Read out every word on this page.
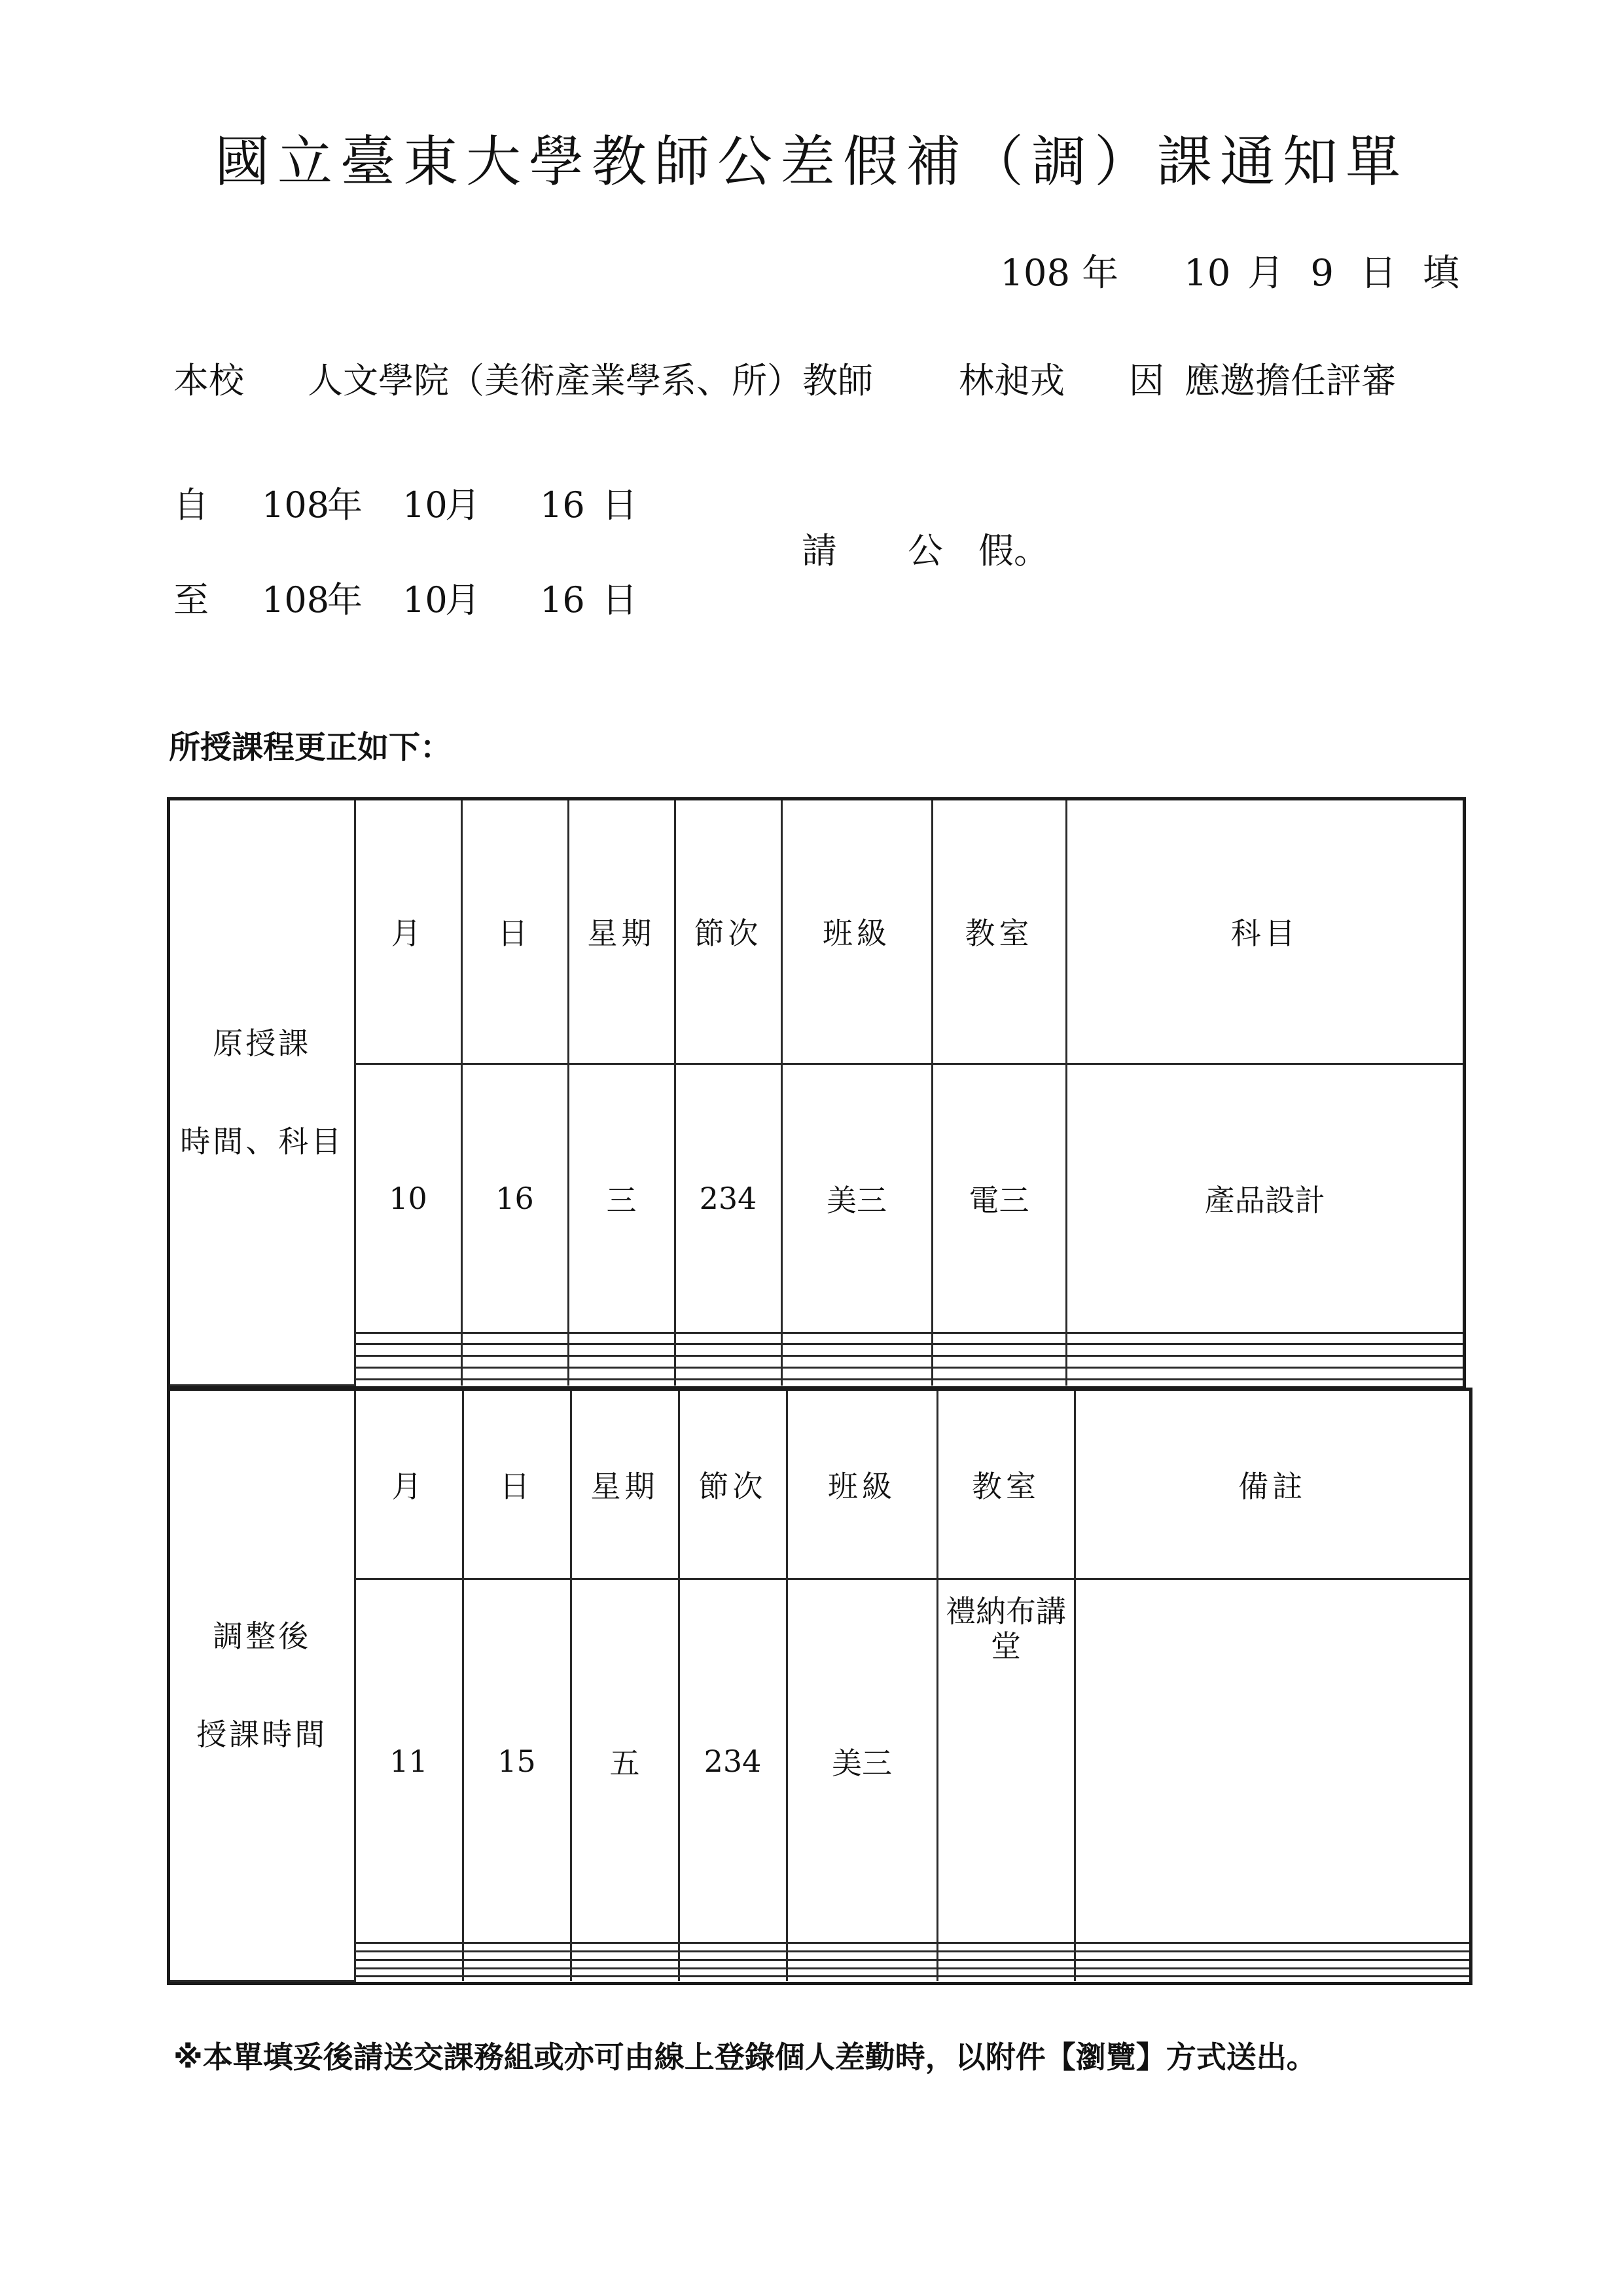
國立臺東大學教師公差假補（調）課通知單
108 年 10 月 9 日 填
本校 人文學院（美術產業學系、所）教師 林昶戎 因 應邀擔任評審
自 108
年 10
月 16 日
請　　公　假。
至 108
年 10
月 16 日
所授課程更正如下：
原授課
時間、科目	月	日	星期	節次	班級	教室	科目
	10	16	三	234	美三	電三	產品設計

調整後
授課時間	月	日	星期	節次	班級	教室	備註
	11	15	五	234	美三	禮納布講堂	

※本單填妥後請送交課務組或亦可由線上登錄個人差勤時，以附件【瀏覽】方式送出。
